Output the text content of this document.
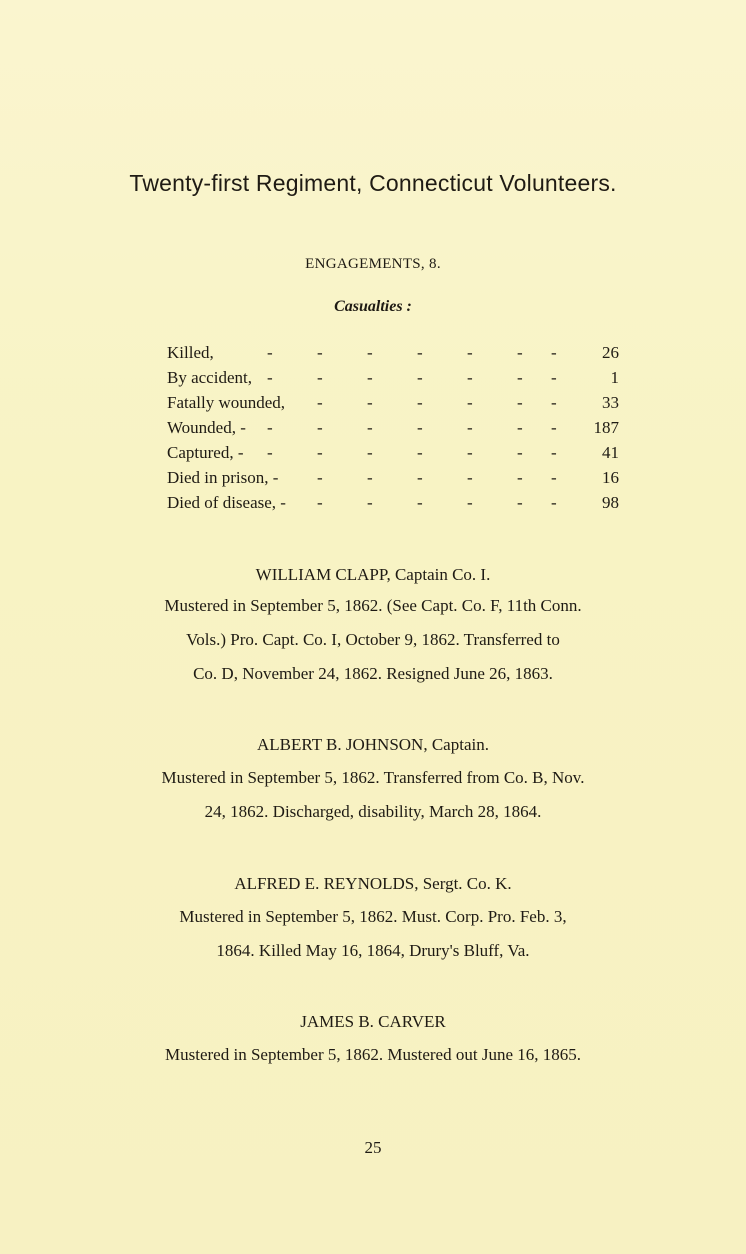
Twenty-first Regiment, Connecticut Volunteers.
ENGAGEMENTS, 8.
Casualties :
Killed,	26
-	-	-	-	-	- -
By accident,	1
-	-	-	-	-	- -
Fatally wounded,	33
-	-	-	-	- -
Wounded, -	187
-	-	-	-	-	- -
Captured, -	41
-	-	-	-	-	- -
Died in prison, -	16
-	-	-	-	- -
Died of disease, -	98
-	-	-	-	- -
WILLIAM CLAPP, Captain Co. I.
Mustered in September 5, 1862. (See Capt. Co. F, 11th Conn.
Vols.) Pro. Capt. Co. I, October 9, 1862. Transferred to
Co. D, November 24, 1862. Resigned June 26, 1863.
ALBERT B. JOHNSON, Captain.
Mustered in September 5, 1862. Transferred from Co. B, Nov.
24, 1862. Discharged, disability, March 28, 1864.
ALFRED E. REYNOLDS, Sergt. Co. K.
Mustered in September 5, 1862. Must. Corp. Pro. Feb. 3,
1864. Killed May 16, 1864, Drury's Bluff, Va.
JAMES B. CARVER
Mustered in September 5, 1862. Mustered out June 16, 1865.
25
